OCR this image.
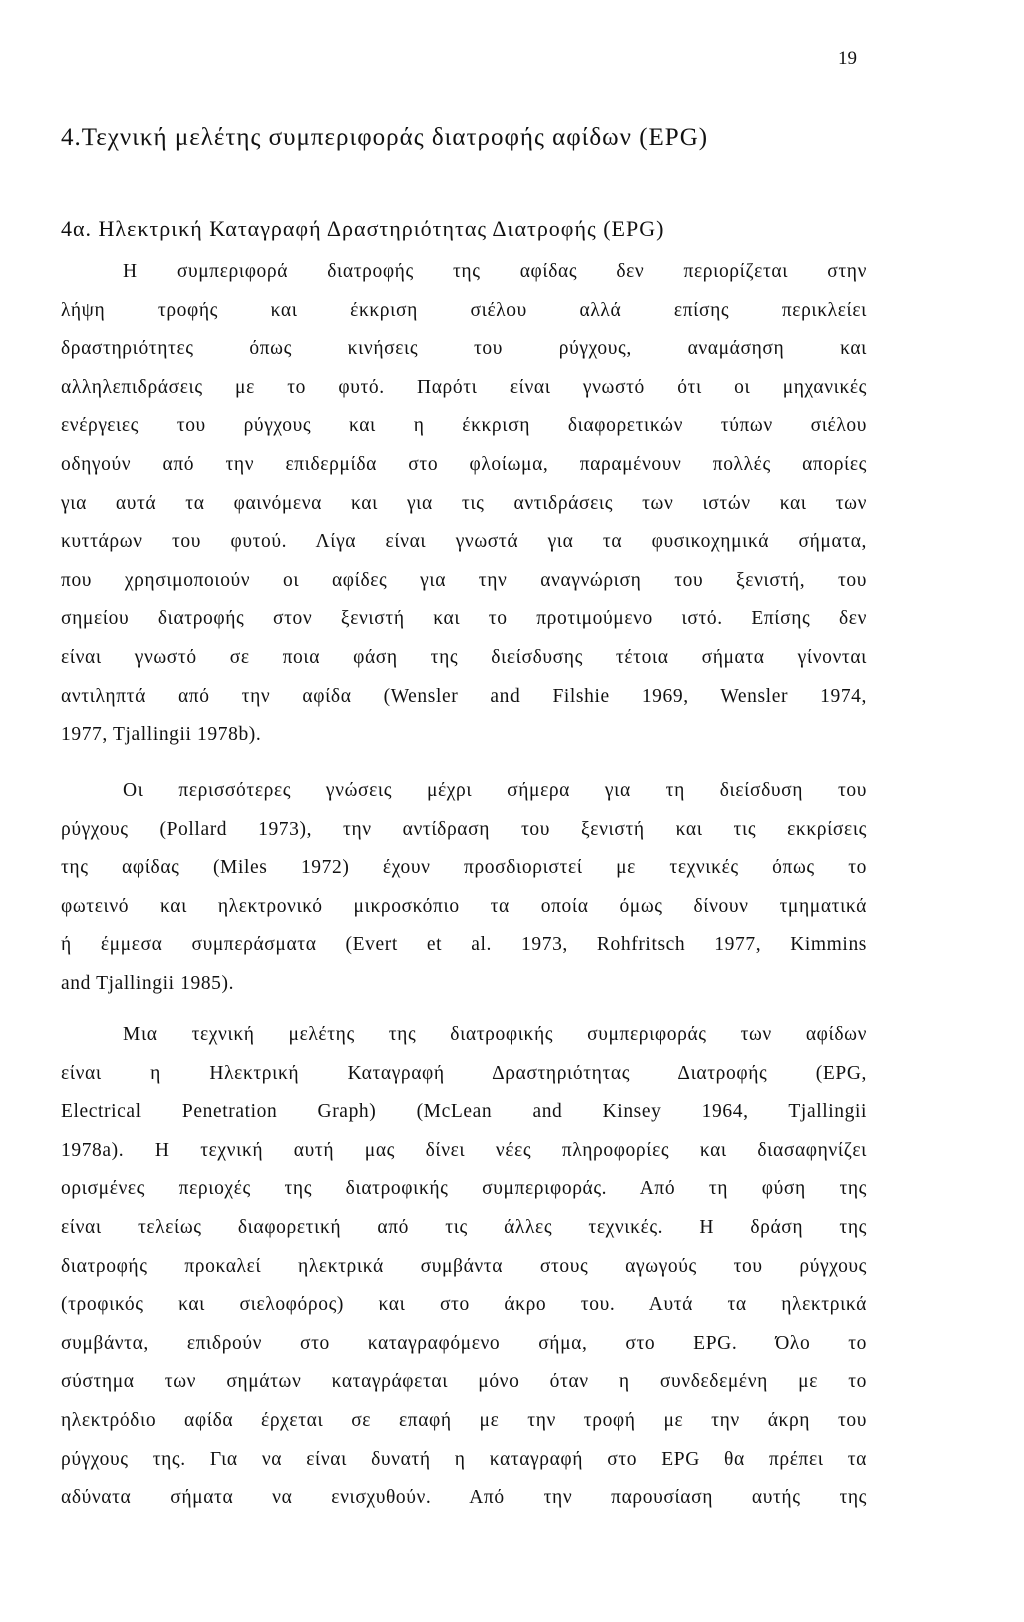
19
4.Τεχνική μελέτης συμπεριφοράς διατροφής αφίδων (EPG)
4α. Ηλεκτρική Καταγραφή Δραστηριότητας Διατροφής (EPG)
Η συμπεριφορά διατροφής της αφίδας δεν περιορίζεται στην
λήψη τροφής και έκκριση σιέλου αλλά επίσης περικλείει
δραστηριότητες όπως κινήσεις του ρύγχους, αναμάσηση και
αλληλεπιδράσεις με το φυτό. Παρότι είναι γνωστό ότι οι μηχανικές
ενέργειες του ρύγχους και η έκκριση διαφορετικών τύπων σιέλου
οδηγούν από την επιδερμίδα στο φλοίωμα, παραμένουν πολλές απορίες
για αυτά τα φαινόμενα και για τις αντιδράσεις των ιστών και των
κυττάρων του φυτού. Λίγα είναι γνωστά για τα φυσικοχημικά σήματα,
που χρησιμοποιούν οι αφίδες για την αναγνώριση του ξενιστή, του
σημείου διατροφής στον ξενιστή και το προτιμούμενο ιστό. Επίσης δεν
είναι γνωστό σε ποια φάση της διείσδυσης τέτοια σήματα γίνονται
αντιληπτά από την αφίδα (Wensler and Filshie 1969, Wensler 1974,
1977, Tjallingii 1978b).
Οι περισσότερες γνώσεις μέχρι σήμερα για τη διείσδυση του
ρύγχους (Pollard 1973), την αντίδραση του ξενιστή και τις εκκρίσεις
της αφίδας (Miles 1972) έχουν προσδιοριστεί με τεχνικές όπως το
φωτεινό και ηλεκτρονικό μικροσκόπιο τα οποία όμως δίνουν τμηματικά
ή έμμεσα συμπεράσματα (Evert et al. 1973, Rohfritsch 1977, Kimmins
and Tjallingii 1985).
Μια τεχνική μελέτης της διατροφικής συμπεριφοράς των αφίδων
είναι η Ηλεκτρική Καταγραφή Δραστηριότητας Διατροφής (EPG,
Electrical Penetration Graph) (McLean and Kinsey 1964, Tjallingii
1978a). Η τεχνική αυτή μας δίνει νέες πληροφορίες και διασαφηνίζει
ορισμένες περιοχές της διατροφικής συμπεριφοράς. Από τη φύση της
είναι τελείως διαφορετική από τις άλλες τεχνικές. Η δράση της
διατροφής προκαλεί ηλεκτρικά συμβάντα στους αγωγούς του ρύγχους
(τροφικός και σιελοφόρος) και στο άκρο του. Αυτά τα ηλεκτρικά
συμβάντα, επιδρούν στο καταγραφόμενο σήμα, στο EPG. Όλο το
σύστημα των σημάτων καταγράφεται μόνο όταν η συνδεδεμένη με το
ηλεκτρόδιο αφίδα έρχεται σε επαφή με την τροφή με την άκρη του
ρύγχους της. Για να είναι δυνατή η καταγραφή στο EPG θα πρέπει τα
αδύνατα σήματα να ενισχυθούν. Από την παρουσίαση αυτής της
